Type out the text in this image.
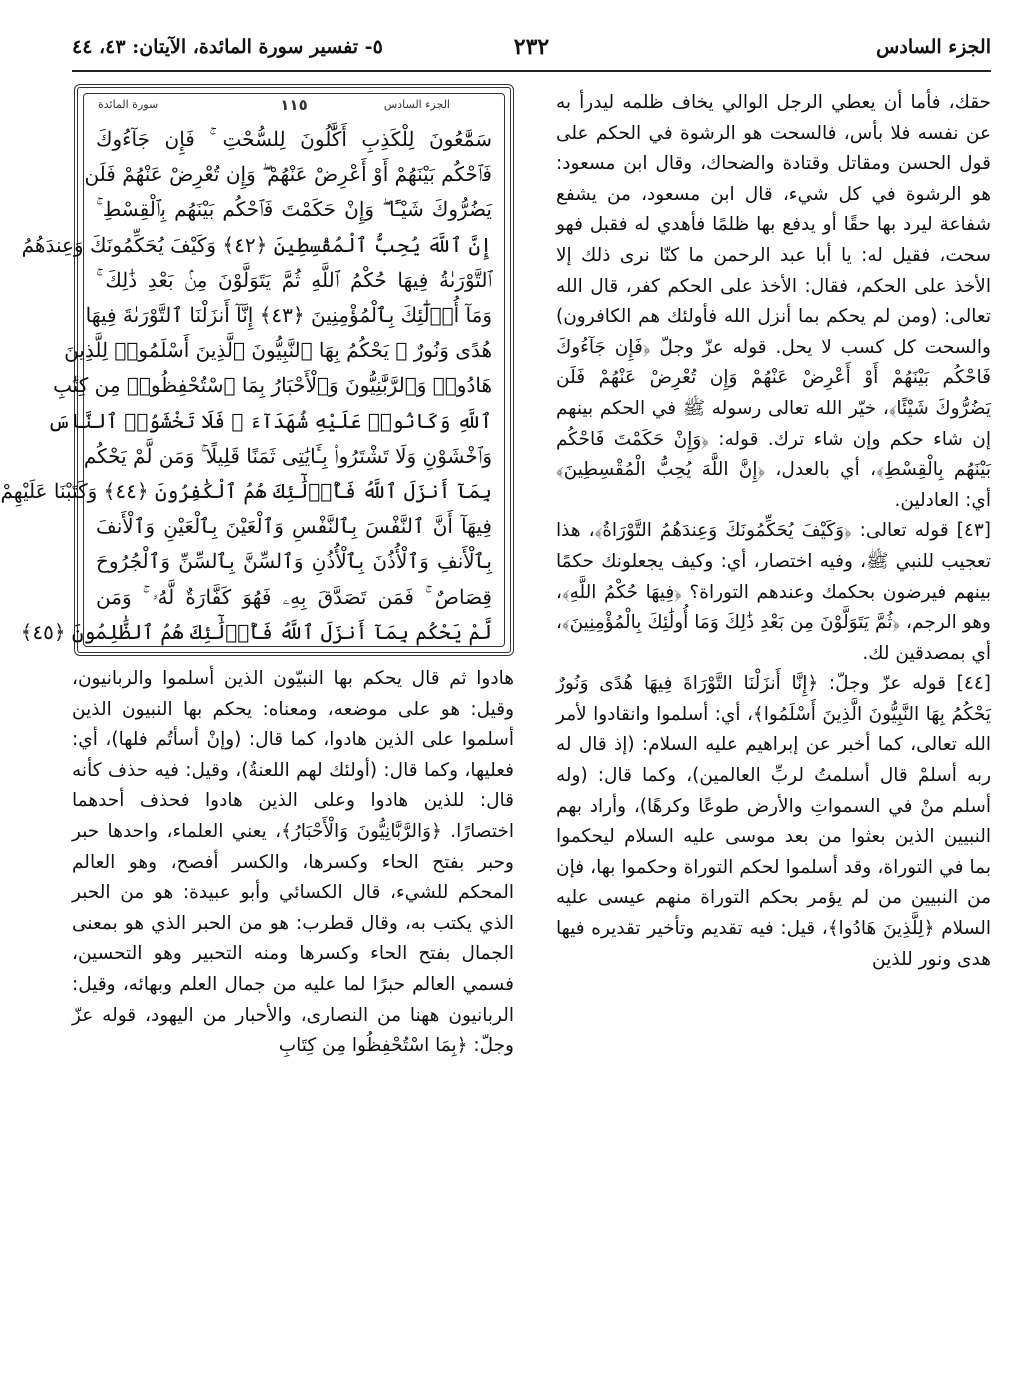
الجزء السادس
٢٣٢
٥- تفسير سورة المائدة، الآيتان: ٤٣، ٤٤

حقك، فأما أن يعطي الرجل الوالي يخاف ظلمه ليدرأ به عن نفسه فلا بأس، فالسحت هو الرشوة في الحكم على قول الحسن ومقاتل وقتادة والضحاك، وقال ابن مسعود: هو الرشوة في كل شيء، قال ابن مسعود، من يشفع شفاعة ليرد بها حقًا أو يدفع بها ظلمًا فأهدي له فقبل فهو سحت، فقيل له: يا أبا عبد الرحمن ما كنّا نرى ذلك إلا الأخذ على الحكم، فقال: الأخذ على الحكم كفر، قال الله تعالى: (ومن لم يحكم بما أنزل الله فأولئك هم الكافرون) والسحت كل كسب لا يحل. قوله عزّ وجلّ ﴿فَإِن جَآءُوكَ فَاحْكُم بَيْنَهُمْ أَوْ أَعْرِضْ عَنْهُمْ وَإِن تُعْرِضْ عَنْهُمْ فَلَن يَضُرُّوكَ شَيْئًا﴾، خيّر الله تعالى رسوله ﷺ في الحكم بينهم إن شاء حكم وإن شاء ترك. قوله: ﴿وَإِنْ حَكَمْتَ فَاحْكُم بَيْنَهُم بِالْقِسْطِ﴾، أي بالعدل، ﴿إِنَّ اللَّهَ يُحِبُّ الْمُقْسِطِينَ﴾ أي: العادلين.

[٤٣] قوله تعالى: ﴿وَكَيْفَ يُحَكِّمُونَكَ وَعِندَهُمُ التَّوْرَاةُ﴾، هذا تعجيب للنبي ﷺ، وفيه اختصار، أي: وكيف يجعلونك حكمًا بينهم فيرضون بحكمك وعندهم التوراة؟ ﴿فِيهَا حُكْمُ اللَّهِ﴾، وهو الرجم، ﴿ثُمَّ يَتَوَلَّوْنَ مِن بَعْدِ ذَٰلِكَ وَمَا أُولَٰئِكَ بِالْمُؤْمِنِينَ﴾، أي بمصدقين لك.

[٤٤] قوله عزّ وجلّ: ﴿إِنَّا أَنزَلْنَا التَّوْرَاةَ فِيهَا هُدًى وَنُورٌ يَحْكُمُ بِهَا النَّبِيُّونَ الَّذِينَ أَسْلَمُوا﴾، أي: أسلموا وانقادوا لأمر الله تعالى، كما أخبر عن إبراهيم عليه السلام: (إذ قال له ربه أسلمْ قال أسلمتُ لربِّ العالمين)، وكما قال: (وله أسلم منْ في السمواتِ والأرض طوعًا وكرهًا)، وأراد بهم النبيين الذين بعثوا من بعد موسى عليه السلام ليحكموا بما في التوراة، وقد أسلموا لحكم التوراة وحكموا بها، فإن من النبيين من لم يؤمر بحكم التوراة منهم عيسى عليه السلام ﴿لِلَّذِينَ هَادُوا﴾، قيل: فيه تقديم وتأخير تقديره فيها هدى ونور للذين

سورة المائدة	١١٥	الجزء السادس
سَمَّٰعُونَ لِلْكَذِبِ أَكَّٰلُونَ لِلسُّحْتِ ۚ فَإِن جَآءُوكَ
فَٱحْكُم بَيْنَهُمْ أَوْ أَعْرِضْ عَنْهُمْ ۖ وَإِن تُعْرِضْ عَنْهُمْ فَلَن
يَضُرُّوكَ شَيْـًٔا ۖ وَإِنْ حَكَمْتَ فَٱحْكُم بَيْنَهُم بِٱلْقِسْطِ ۚ
إِنَّ ٱللَّهَ يُحِبُّ ٱلْمُقْسِطِينَ ﴿٤٢﴾ وَكَيْفَ يُحَكِّمُونَكَ وَعِندَهُمُ
ٱلتَّوْرَىٰةُ فِيهَا حُكْمُ ٱللَّهِ ثُمَّ يَتَوَلَّوْنَ مِنۢ بَعْدِ ذَٰلِكَ ۚ
وَمَآ أُو۟لَٰٓئِكَ بِٱلْمُؤْمِنِينَ ﴿٤٣﴾ إِنَّآ أَنزَلْنَا ٱلتَّوْرَىٰةَ فِيهَا
هُدًى وَنُورٌ ۚ يَحْكُمُ بِهَا ٱلنَّبِيُّونَ ٱلَّذِينَ أَسْلَمُوا۟ لِلَّذِينَ
هَادُوا۟ وَٱلرَّبَّٰنِيُّونَ وَٱلْأَحْبَارُ بِمَا ٱسْتُحْفِظُوا۟ مِن كِتَٰبِ
ٱللَّهِ وَكَانُوا۟ عَلَيْهِ شُهَدَآءَ ۚ فَلَا تَخْشَوُا۟ ٱلنَّاسَ
وَٱخْشَوْنِ وَلَا تَشْتَرُوا۟ بِـَٔايَٰتِى ثَمَنًا قَلِيلًا ۚ وَمَن لَّمْ يَحْكُم
بِمَآ أَنزَلَ ٱللَّهُ فَأُو۟لَٰٓئِكَ هُمُ ٱلْكَٰفِرُونَ ﴿٤٤﴾ وَكَتَبْنَا عَلَيْهِمْ
فِيهَآ أَنَّ ٱلنَّفْسَ بِٱلنَّفْسِ وَٱلْعَيْنَ بِٱلْعَيْنِ وَٱلْأَنفَ
بِٱلْأَنفِ وَٱلْأُذُنَ بِٱلْأُذُنِ وَٱلسِّنَّ بِٱلسِّنِّ وَٱلْجُرُوحَ
قِصَاصٌ ۚ فَمَن تَصَدَّقَ بِهِۦ فَهُوَ كَفَّارَةٌ لَّهُۥ ۚ وَمَن
لَّمْ يَحْكُم بِمَآ أَنزَلَ ٱللَّهُ فَأُو۟لَٰٓئِكَ هُمُ ٱلظَّٰلِمُونَ ﴿٤٥﴾

هادوا ثم قال يحكم بها النبيّون الذين أسلموا والربانيون، وقيل: هو على موضعه، ومعناه: يحكم بها النبيون الذين أسلموا على الذين هادوا، كما قال: (وإنْ أسأتُم فلها)، أي: فعليها، وكما قال: (أولئك لهم اللعنةُ)، وقيل: فيه حذف كأنه قال: للذين هادوا وعلى الذين هادوا فحذف أحدهما اختصارًا. ﴿وَالرَّبَّانِيُّونَ وَالْأَحْبَارُ﴾، يعني العلماء، واحدها حبر وحبر بفتح الحاء وكسرها، والكسر أفصح، وهو العالم المحكم للشيء، قال الكسائي وأبو عبيدة: هو من الحبر الذي يكتب به، وقال قطرب: هو من الحبر الذي هو بمعنى الجمال بفتح الحاء وكسرها ومنه التحبير وهو التحسين، فسمي العالم حبرًا لما عليه من جمال العلم وبهائه، وقيل: الربانيون ههنا من النصارى، والأحبار من اليهود، قوله عزّ وجلّ: ﴿بِمَا اسْتُحْفِظُوا مِن كِتَابِ
